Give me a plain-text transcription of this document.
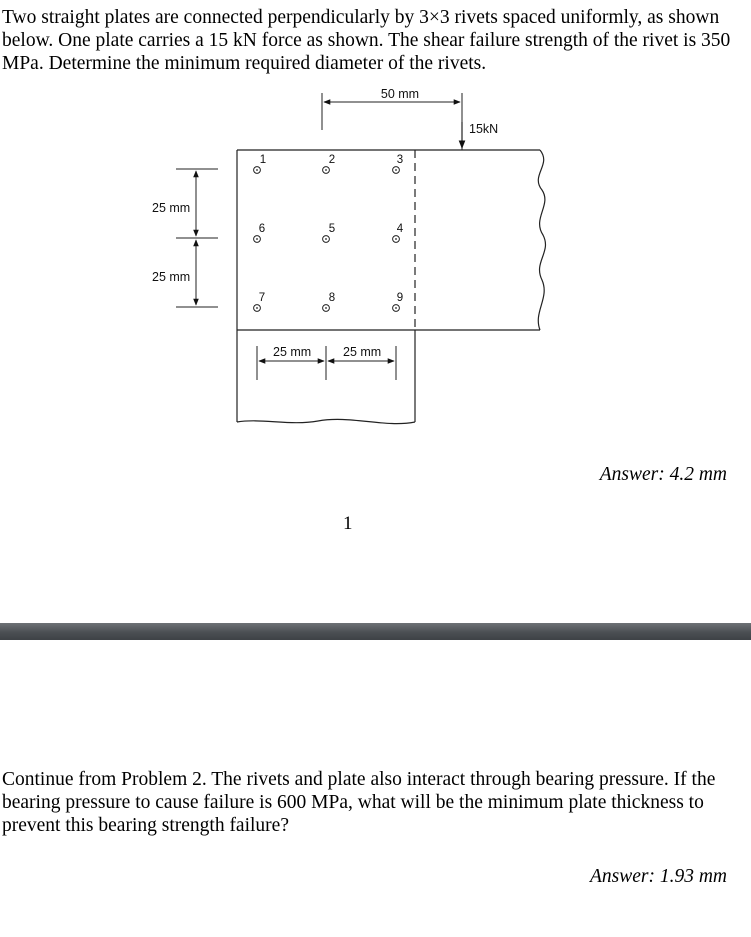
Two straight plates are connected perpendicularly by 3×3 rivets spaced uniformly, as shown below. One plate carries a 15 kN force as shown. The shear failure strength of the rivet is 350 MPa. Determine the minimum required diameter of the rivets.

50 mm
15kN
25 mm
25 mm
25 mm	25 mm
1	2	3
6	5	4
7	8	9
Answer: 4.2 mm
1

Continue from Problem 2. The rivets and plate also interact through bearing pressure. If the bearing pressure to cause failure is 600 MPa, what will be the minimum plate thickness to prevent this bearing strength failure?

Answer: 1.93 mm
